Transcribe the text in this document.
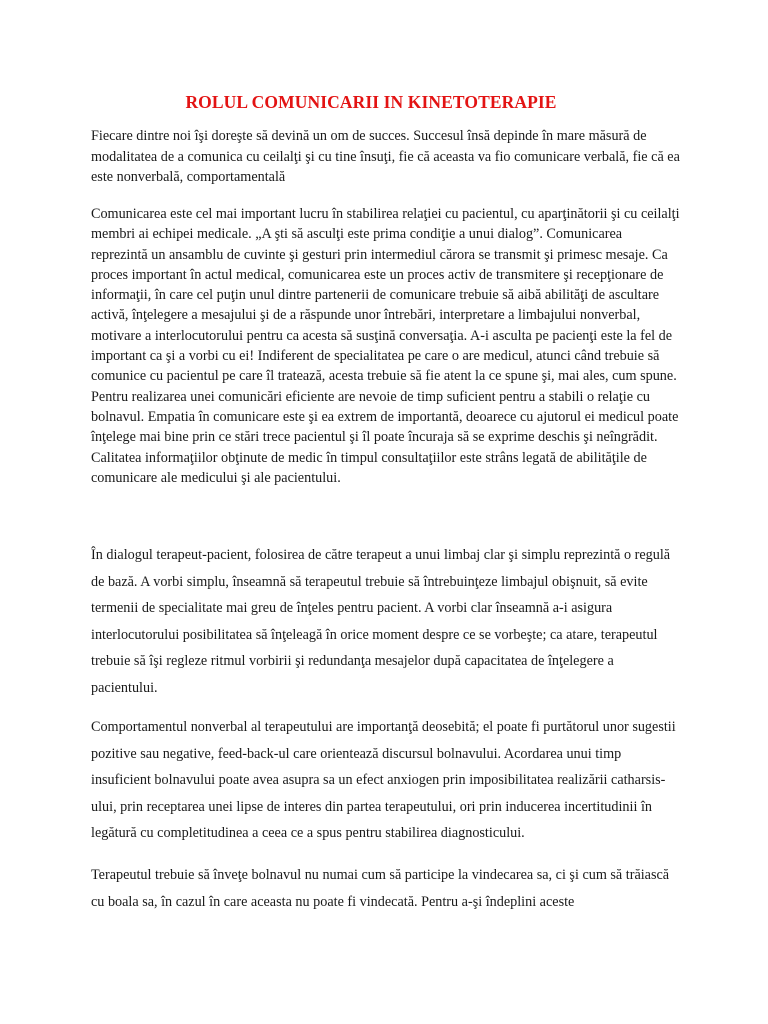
ROLUL COMUNICARII IN KINETOTERAPIE

Fiecare dintre noi îşi doreşte să devină un om de succes. Succesul însă depinde în mare măsură de modalitatea de a comunica cu ceilalţi şi cu tine însuţi, fie că aceasta va fio comunicare verbală, fie că ea este nonverbală, comportamentală

Comunicarea este cel mai important lucru în stabilirea relaţiei cu pacientul, cu aparţinătorii şi cu ceilalţi membri ai echipei medicale. „A şti să asculţi este prima condiţie a unui dialog”. Comunicarea reprezintă un ansamblu de cuvinte şi gesturi prin intermediul cărora se transmit şi primesc mesaje. Ca proces important în actul medical, comunicarea este un proces activ de transmitere şi recepţionare de informaţii, în care cel puţin unul dintre partenerii de comunicare trebuie să aibă abilităţi de ascultare activă, înţelegere a mesajului şi de a răspunde unor întrebări, interpretare a limbajului nonverbal, motivare a interlocutorului pentru ca acesta să susţină conversaţia. A-i asculta pe pacienţi este la fel de important ca şi a vorbi cu ei! Indiferent de specialitatea pe care o are medicul, atunci când trebuie să comunice cu pacientul pe care îl tratează, acesta trebuie să fie atent la ce spune şi, mai ales, cum spune. Pentru realizarea unei comunicări eficiente are nevoie de timp suficient pentru a stabili o relaţie cu bolnavul. Empatia în comunicare este şi ea extrem de importantă, deoarece cu ajutorul ei medicul poate înţelege mai bine prin ce stări trece pacientul şi îl poate încuraja să se exprime deschis şi neîngrădit. Calitatea informaţiilor obţinute de medic în timpul consultaţiilor este strâns legată de abilităţile de comunicare ale medicului şi ale pacientului.

În dialogul terapeut-pacient, folosirea de către terapeut a unui limbaj clar şi simplu reprezintă o regulă de bază. A vorbi simplu, înseamnă să terapeutul trebuie să întrebuinţeze limbajul obişnuit, să evite termenii de specialitate mai greu de înţeles pentru pacient. A vorbi clar înseamnă a-i asigura interlocutorului posibilitatea să înţeleagă în orice moment despre ce se vorbeşte; ca atare, terapeutul trebuie să îşi regleze ritmul vorbirii şi redundanţa mesajelor după capacitatea de înţelegere a pacientului.

Comportamentul nonverbal al terapeutului are importanţă deosebită; el poate fi purtătorul unor sugestii pozitive sau negative, feed-back-ul care orientează discursul bolnavului. Acordarea unui timp insuficient bolnavului poate avea asupra sa un efect anxiogen prin imposibilitatea realizării catharsis-ului, prin receptarea unei lipse de interes din partea terapeutului, ori prin inducerea incertitudinii în legătură cu completitudinea a ceea ce a spus pentru stabilirea diagnosticului.

Terapeutul trebuie să înveţe bolnavul nu numai cum să participe la vindecarea sa, ci şi cum să trăiască cu boala sa, în cazul în care aceasta nu poate fi vindecată. Pentru a-şi îndeplini aceste
